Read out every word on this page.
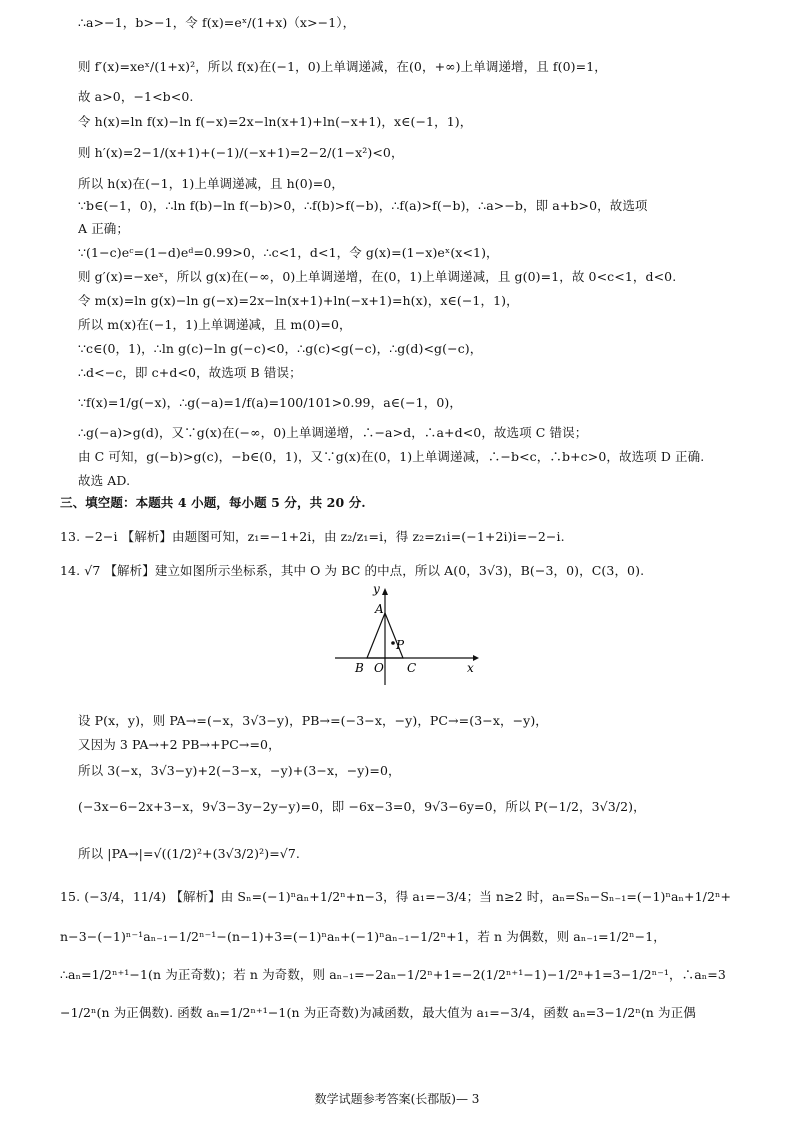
∴a>−1，b>−1，令 f(x)=eˣ/(1+x)（x>−1），
则 f′(x)=xeˣ/(1+x)²，所以 f(x)在(−1，0)上单调递减，在(0，+∞)上单调递增，且 f(0)=1，
故 a>0，−1<b<0.
令 h(x)=ln f(x)−ln f(−x)=2x−ln(x+1)+ln(−x+1)，x∈(−1，1)，
则 h′(x)=2−1/(x+1)+(−1)/(−x+1)=2−2/(1−x²)<0，
所以 h(x)在(−1，1)上单调递减，且 h(0)=0，
∵b∈(−1，0)，∴ln f(b)−ln f(−b)>0，∴f(b)>f(−b)，∴f(a)>f(−b)，∴a>−b，即 a+b>0，故选项
A 正确；
∵(1−c)eᶜ=(1−d)eᵈ=0.99>0，∴c<1，d<1，令 g(x)=(1−x)eˣ(x<1)，
则 g′(x)=−xeˣ，所以 g(x)在(−∞，0)上单调递增，在(0，1)上单调递减，且 g(0)=1，故 0<c<1，d<0.
令 m(x)=ln g(x)−ln g(−x)=2x−ln(x+1)+ln(−x+1)=h(x)，x∈(−1，1)，
所以 m(x)在(−1，1)上单调递减，且 m(0)=0，
∵c∈(0，1)，∴ln g(c)−ln g(−c)<0，∴g(c)<g(−c)，∴g(d)<g(−c)，
∴d<−c，即 c+d<0，故选项 B 错误；
∵f(x)=1/g(−x)，∴g(−a)=1/f(a)=100/101>0.99，a∈(−1，0)，
∴g(−a)>g(d)，又∵g(x)在(−∞，0)上单调递增，∴−a>d，∴a+d<0，故选项 C 错误；
由 C 可知，g(−b)>g(c)，−b∈(0，1)，又∵g(x)在(0，1)上单调递减，∴−b<c，∴b+c>0，故选项 D 正确.
故选 AD.
三、填空题：本题共 4 小题，每小题 5 分，共 20 分.
13. −2−i 【解析】由题图可知，z₁=−1+2i，由 z₂/z₁=i，得 z₂=z₁i=(−1+2i)i=−2−i.
14. √7 【解析】建立如图所示坐标系，其中 O 为 BC 的中点，所以 A(0，3√3)，B(−3，0)，C(3，0).
y
A
P
B O C	x
设 P(x，y)，则 PA→=(−x，3√3−y)，PB→=(−3−x，−y)，PC→=(3−x，−y)，
又因为 3 PA→+2 PB→+PC→=0，
所以 3(−x，3√3−y)+2(−3−x，−y)+(3−x，−y)=0，
(−3x−6−2x+3−x，9√3−3y−2y−y)=0，即 −6x−3=0，9√3−6y=0，所以 P(−1/2，3√3/2)，
所以 |PA→|=√((1/2)²+(3√3/2)²)=√7.
15. (−3/4，11/4) 【解析】由 Sₙ=(−1)ⁿaₙ+1/2ⁿ+n−3，得 a₁=−3/4；当 n≥2 时，aₙ=Sₙ−Sₙ₋₁=(−1)ⁿaₙ+1/2ⁿ+
n−3−(−1)ⁿ⁻¹aₙ₋₁−1/2ⁿ⁻¹−(n−1)+3=(−1)ⁿaₙ+(−1)ⁿaₙ₋₁−1/2ⁿ+1，若 n 为偶数，则 aₙ₋₁=1/2ⁿ−1，
∴aₙ=1/2ⁿ⁺¹−1(n 为正奇数)；若 n 为奇数，则 aₙ₋₁=−2aₙ−1/2ⁿ+1=−2(1/2ⁿ⁺¹−1)−1/2ⁿ+1=3−1/2ⁿ⁻¹，∴aₙ=3
−1/2ⁿ(n 为正偶数). 函数 aₙ=1/2ⁿ⁺¹−1(n 为正奇数)为减函数，最大值为 a₁=−3/4，函数 aₙ=3−1/2ⁿ(n 为正偶
数学试题参考答案(长郡版)— 3
